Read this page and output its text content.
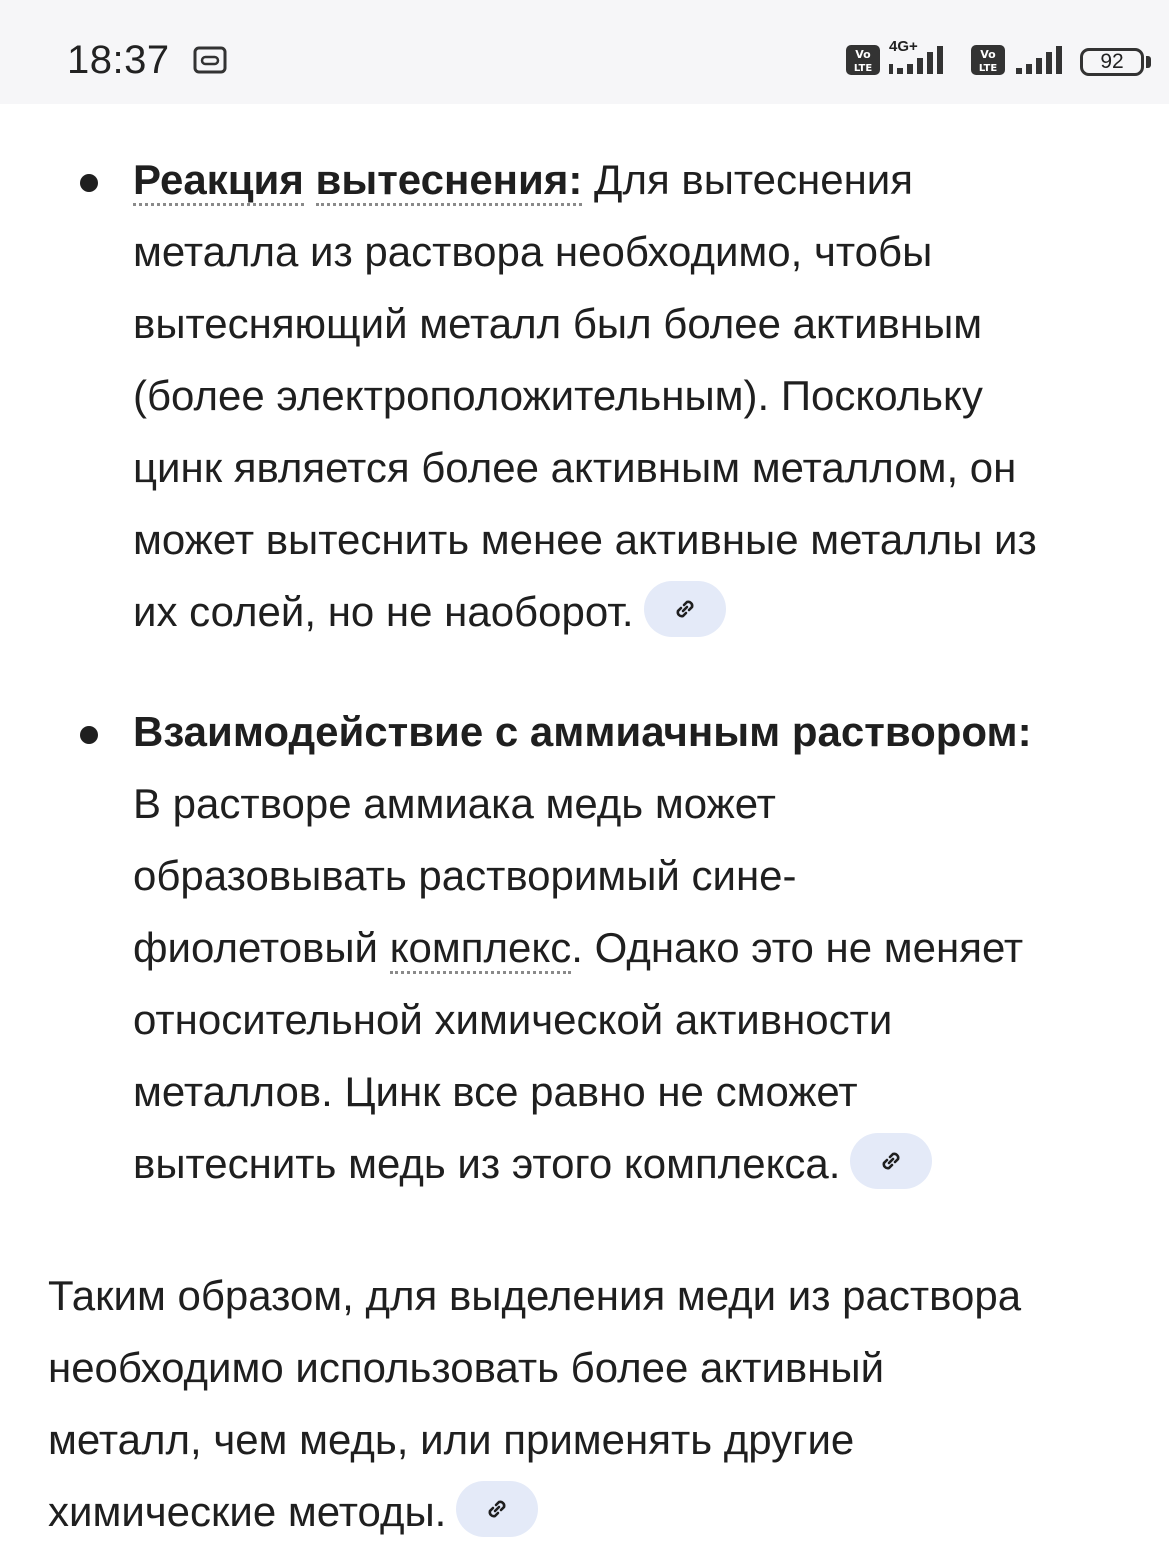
18:37	Vo
LTE
4G+	Vo
LTE	92

Реакция вытеснения: Для вытеснения
металла из раствора необходимо, чтобы
вытесняющий металл был более активным
(более электроположительным). Поскольку
цинк является более активным металлом, он
может вытеснить менее активные металлы из
их солей, но не наоборот.

Взаимодействие с аммиачным раствором:
В растворе аммиака медь может
образовывать растворимый сине-
фиолетовый комплекс. Однако это не меняет
относительной химической активности
металлов. Цинк все равно не сможет
вытеснить медь из этого комплекса.

Таким образом, для выделения меди из раствора
необходимо использовать более активный
металл, чем медь, или применять другие
химические методы.
